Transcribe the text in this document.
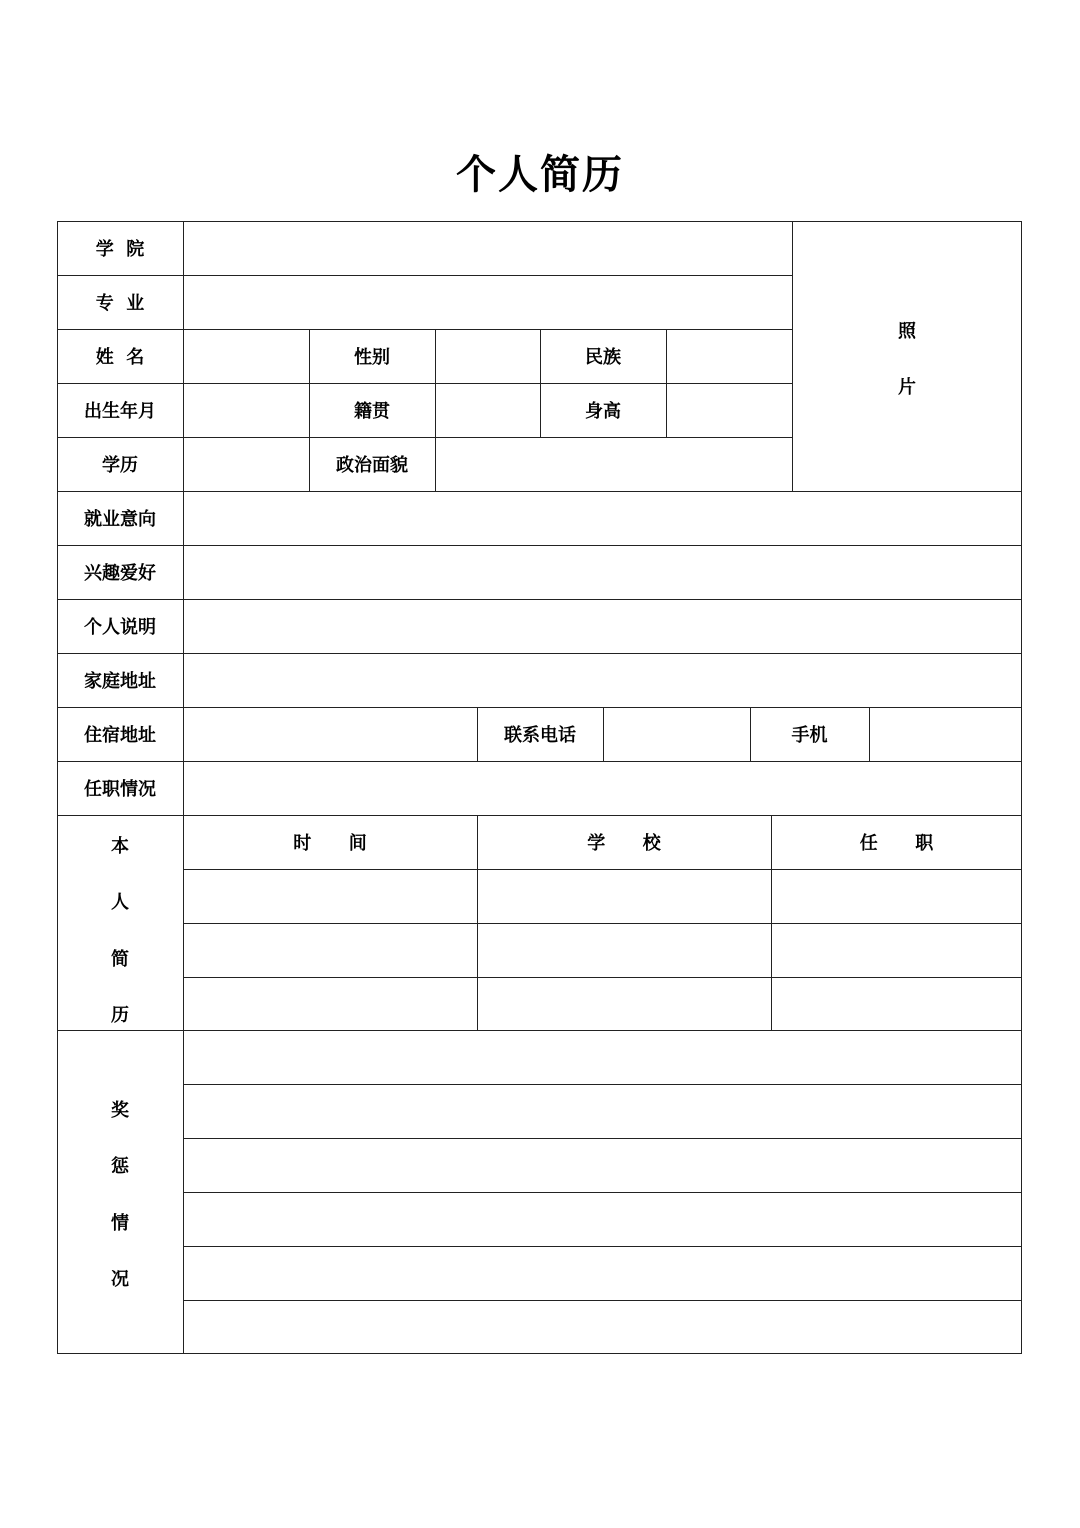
个人简历
学  院
专  业
姓  名	性别	民族
出生年月	籍贯	身高
学历	政治面貌
照
片
就业意向
兴趣爱好
个人说明
家庭地址
住宿地址	联系电话	手机
任职情况
本
人
简
历
时      间	学      校	任      职
奖
惩
情
况
